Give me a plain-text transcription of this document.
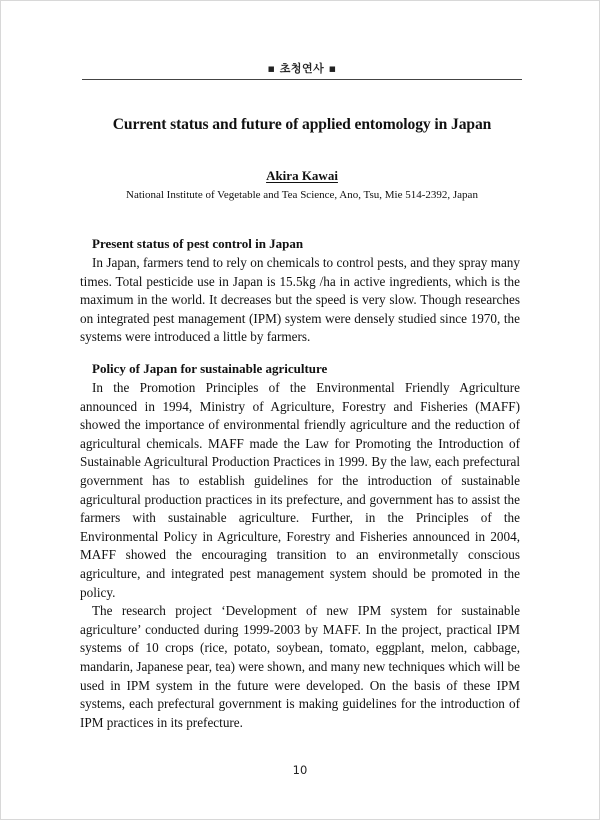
▪ 초청연사 ▪
Current status and future of applied entomology in Japan
Akira Kawai
National Institute of Vegetable and Tea Science, Ano, Tsu, Mie 514-2392, Japan
Present status of pest control in Japan

In Japan, farmers tend to rely on chemicals to control pests, and they spray many times. Total pesticide use in Japan is 15.5kg /ha in active ingredients, which is the maximum in the world. It decreases but the speed is very slow. Though researches on integrated pest management (IPM) system were densely studied since 1970, the systems were introduced a little by farmers.

Policy of Japan for sustainable agriculture

In the Promotion Principles of the Environmental Friendly Agriculture announced in 1994, Ministry of Agriculture, Forestry and Fisheries (MAFF) showed the importance of environmental friendly agriculture and the reduction of agricultural chemicals. MAFF made the Law for Promoting the Introduction of Sustainable Agricultural Production Practices in 1999. By the law, each prefectural government has to establish guidelines for the introduction of sustainable agricultural production practices in its prefecture, and government has to assist the farmers with sustainable agriculture. Further, in the Principles of the Environmental Policy in Agriculture, Forestry and Fisheries announced in 2004, MAFF showed the encouraging transition to an environmetally conscious agriculture, and integrated pest management system should be promoted in the policy.

The research project ‘Development of new IPM system for sustainable agriculture’ conducted during 1999-2003 by MAFF. In the project, practical IPM systems of 10 crops (rice, potato, soybean, tomato, eggplant, melon, cabbage, mandarin, Japanese pear, tea) were shown, and many new techniques which will be used in IPM system in the future were developed. On the basis of these IPM systems, each prefectural government is making guidelines for the introduction of IPM practices in its prefecture.

10
